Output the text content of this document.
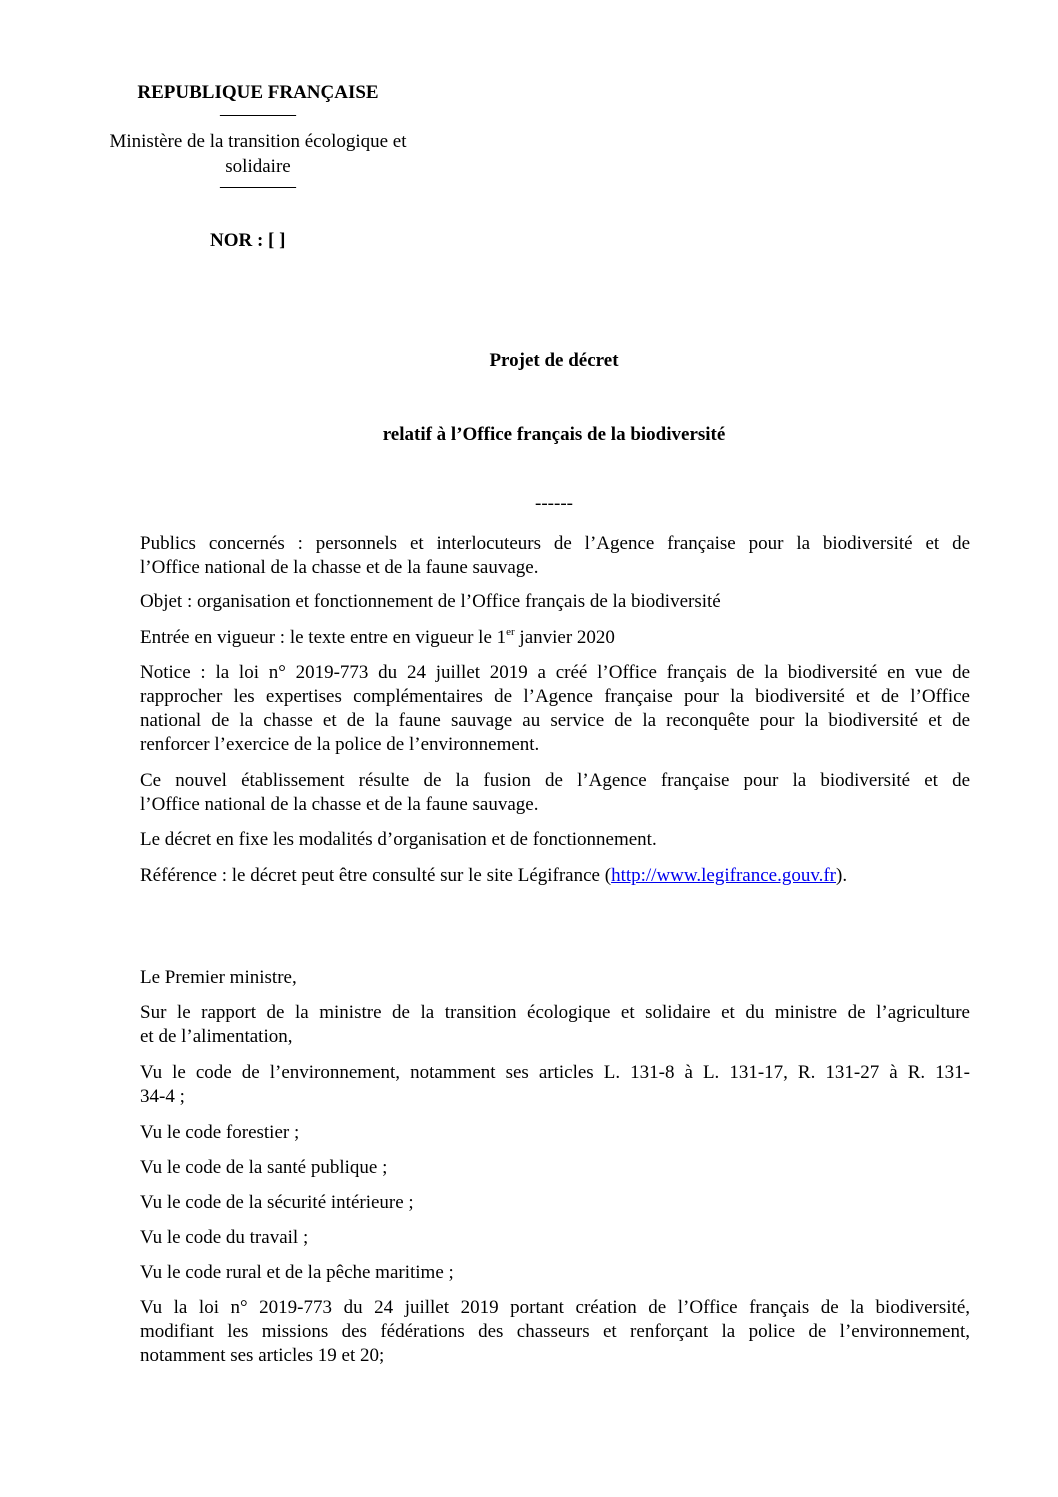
REPUBLIQUE FRANÇAISE
————
Ministère de la transition écologique et
solidaire
————
NOR : [ ]
Projet de décret
relatif à l’Office français de la biodiversité
------
Publics concernés : personnels et interlocuteurs de l’Agence française pour la biodiversité et de
l’Office national de la chasse et de la faune sauvage.
Objet : organisation et fonctionnement de l’Office français de la biodiversité
Entrée en vigueur : le texte entre en vigueur le 1er janvier 2020
Notice : la loi n° 2019-773 du 24 juillet 2019 a créé l’Office français de la biodiversité en vue de
rapprocher les expertises complémentaires de l’Agence française pour la biodiversité et de l’Office
national de la chasse et de la faune sauvage au service de la reconquête pour la biodiversité et de
renforcer l’exercice de la police de l’environnement.
Ce nouvel établissement résulte de la fusion de l’Agence française pour la biodiversité et de
l’Office national de la chasse et de la faune sauvage.
Le décret en fixe les modalités d’organisation et de fonctionnement.
Référence : le décret peut être consulté sur le site Légifrance (http://www.legifrance.gouv.fr).
Le Premier ministre,
Sur le rapport de la ministre de la transition écologique et solidaire et du ministre de l’agriculture
et de l’alimentation,
Vu le code de l’environnement, notamment ses articles L. 131-8 à L. 131-17, R. 131-27 à R. 131-
34-4 ;
Vu le code forestier ;
Vu le code de la santé publique ;
Vu le code de la sécurité intérieure ;
Vu le code du travail ;
Vu le code rural et de la pêche maritime ;
Vu la loi n° 2019-773 du 24 juillet 2019 portant création de l’Office français de la biodiversité,
modifiant les missions des fédérations des chasseurs et renforçant la police de l’environnement,
notamment ses articles 19 et 20;
